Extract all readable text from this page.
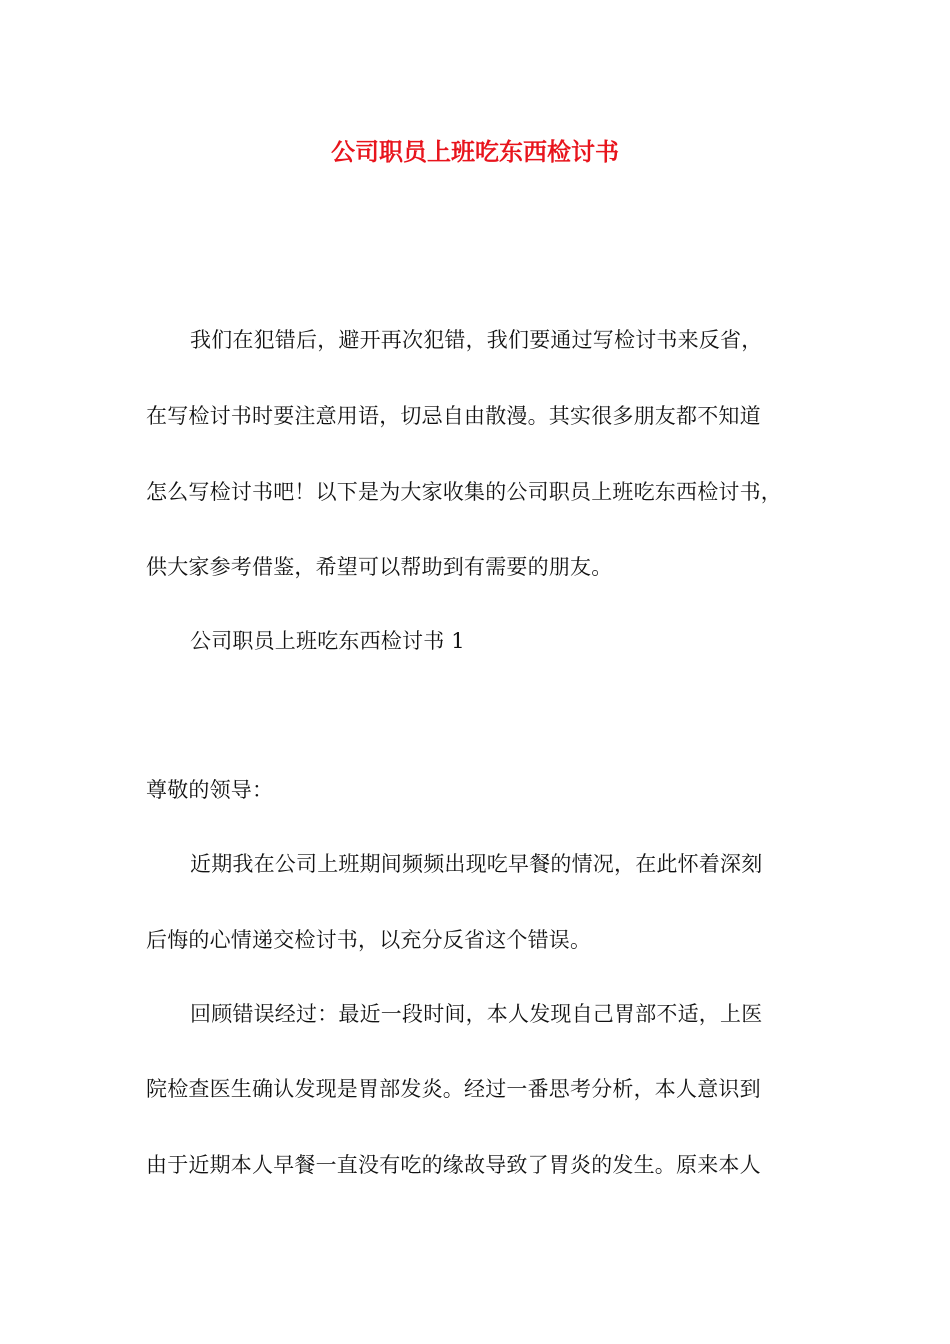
公司职员上班吃东西检讨书
我们在犯错后，避开再次犯错，我们要通过写检讨书来反省，
在写检讨书时要注意用语，切忌自由散漫。其实很多朋友都不知道
怎么写检讨书吧！以下是为大家收集的公司职员上班吃东西检讨书，
供大家参考借鉴，希望可以帮助到有需要的朋友。
公司职员上班吃东西检讨书 1
尊敬的领导：
近期我在公司上班期间频频出现吃早餐的情况，在此怀着深刻
后悔的心情递交检讨书，以充分反省这个错误。
回顾错误经过：最近一段时间，本人发现自己胃部不适，上医
院检查医生确认发现是胃部发炎。经过一番思考分析，本人意识到
由于近期本人早餐一直没有吃的缘故导致了胃炎的发生。原来本人
